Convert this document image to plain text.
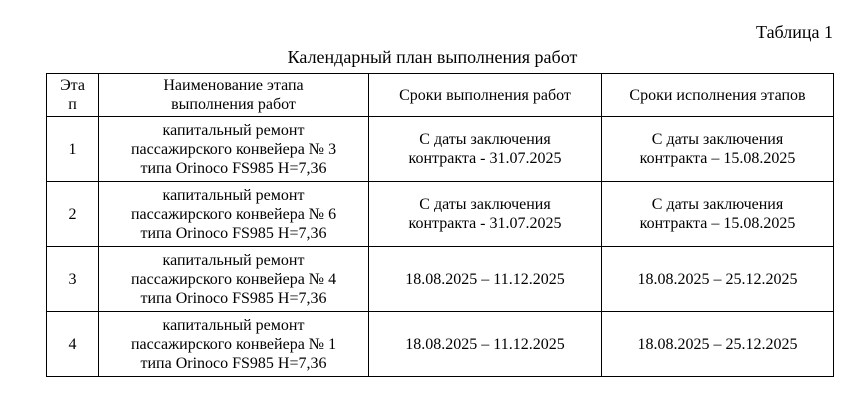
Таблица 1
Календарный план выполнения работ
Эта
п	Наименование этапа
выполнения работ	Сроки выполнения работ	Сроки исполнения этапов

1	капитальный ремонт
пассажирского конвейера № 3
типа Orinoco FS985 H=7,36	С даты заключения
контракта - 31.07.2025	С даты заключения
контракта – 15.08.2025

2	капитальный ремонт
пассажирского конвейера № 6
типа Orinoco FS985 H=7,36	С даты заключения
контракта - 31.07.2025	С даты заключения
контракта – 15.08.2025

3	капитальный ремонт
пассажирского конвейера № 4
типа Orinoco FS985 H=7,36	18.08.2025 – 11.12.2025	18.08.2025 – 25.12.2025

4	капитальный ремонт
пассажирского конвейера № 1
типа Orinoco FS985 H=7,36	18.08.2025 – 11.12.2025	18.08.2025 – 25.12.2025
